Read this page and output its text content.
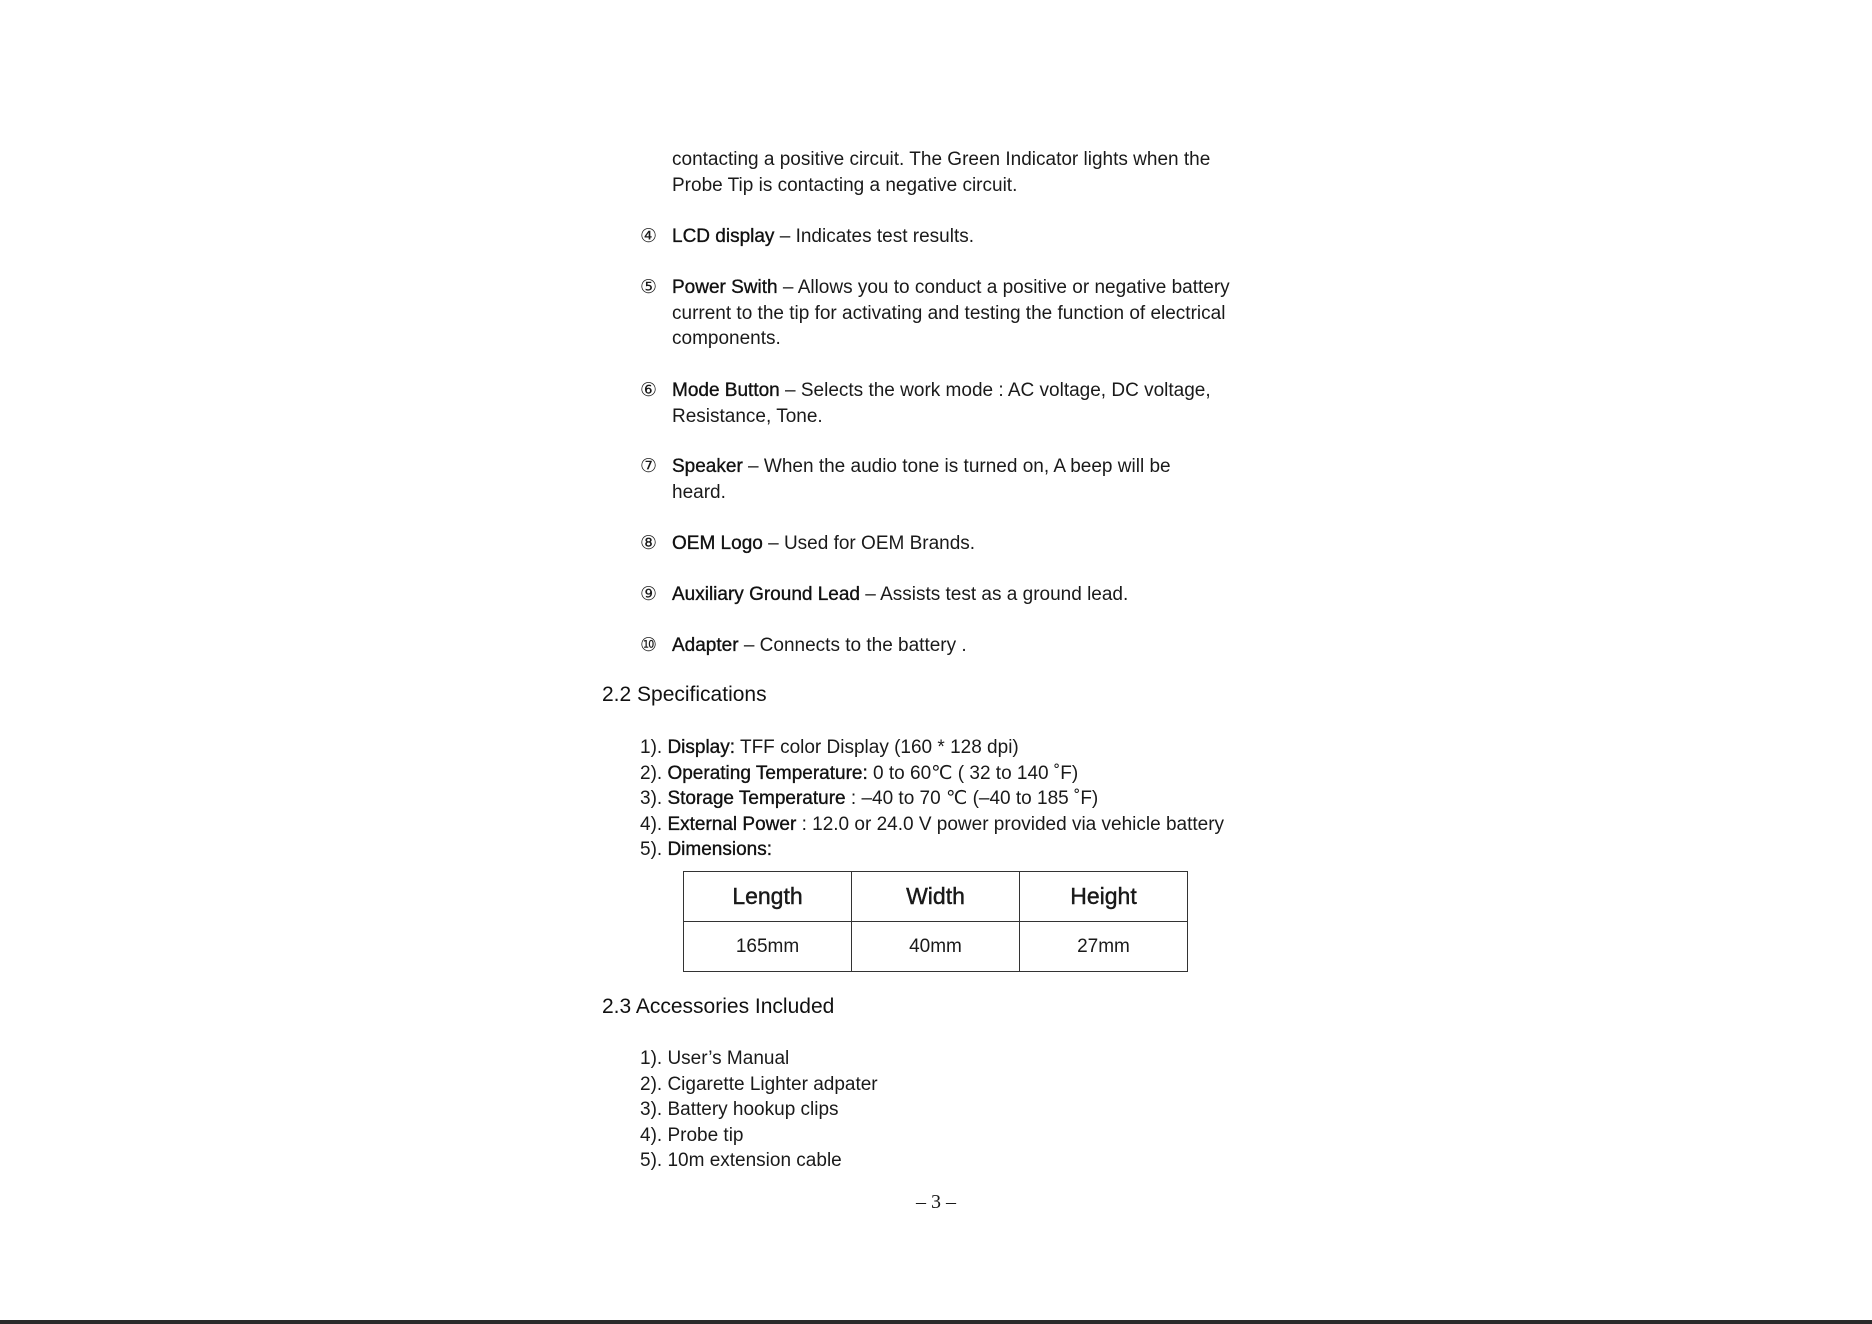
contacting a positive circuit. The Green Indicator lights when the
Probe Tip is contacting a negative circuit.
④ LCD display – Indicates test results.
⑤ Power Swith – Allows you to conduct a positive or negative battery current to the tip for activating and testing the function of electrical components.
⑥ Mode Button – Selects the work mode : AC voltage, DC voltage, Resistance, Tone.
⑦ Speaker – When the audio tone is turned on, A beep will be heard.
⑧ OEM Logo – Used for OEM Brands.
⑨ Auxiliary Ground Lead – Assists test as a ground lead.
⑩ Adapter – Connects to the battery .
2.2 Specifications
1). Display: TFF color Display (160 * 128 dpi)
2). Operating Temperature: 0 to 60℃ ( 32 to 140 ˚F)
3). Storage Temperature : –40 to 70 ℃ (–40 to 185 ˚F)
4). External Power : 12.0 or 24.0 V power provided via vehicle battery
5). Dimensions:
Length	Width	Height
165mm	40mm	27mm
2.3 Accessories Included
1). User’s Manual
2). Cigarette Lighter adpater
3). Battery hookup clips
4). Probe tip
5). 10m extension cable
– 3 –
